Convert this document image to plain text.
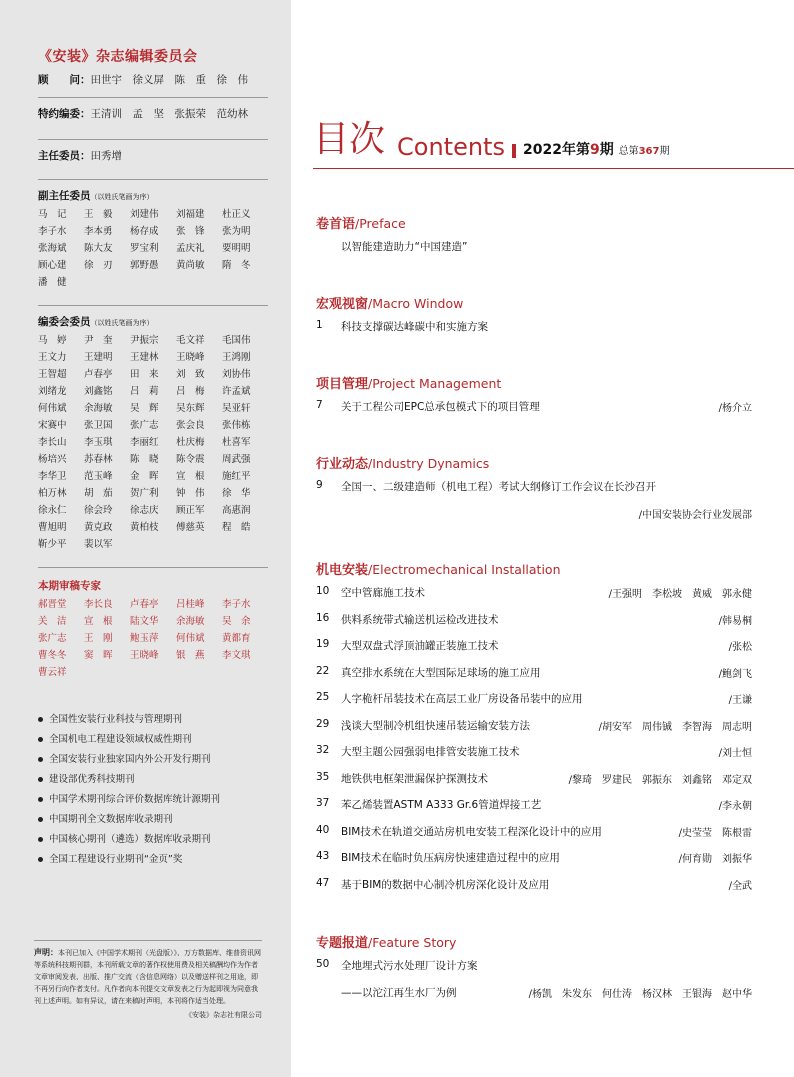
《安装》杂志编辑委员会
顾　　问： 田世宇　徐义屏　陈　重　徐　伟
特约编委： 王清训　孟　坚　张振荣　范幼林
主任委员： 田秀增
副主任委员（以姓氏笔画为序）
马　记	王　毅	刘建伟	刘福建	杜正义
李子水	李本勇	杨存成	张　锋	张为明
张海斌	陈大友	罗宝利	孟庆礼	要明明
顾心建	徐　刃	郭野愚	黄尚敏	隋　冬
潘　健
编委会委员（以姓氏笔画为序）
马　婷	尹　奎	尹振宗	毛文祥	毛国伟
王文力	王建明	王建林	王晓峰	王鸿刚
王智超	卢春亭	田　来	刘　致	刘协伟
刘绪龙	刘鑫铭	吕　莉	吕　梅	许孟斌
何伟斌	余海敏	吴　辉	吴东辉	吴亚轩
宋赛中	张卫国	张广志	张会良	张伟栋
李长山	李玉琪	李丽红	杜庆梅	杜喜军
杨培兴	苏春林	陈　晓	陈令震	周武强
李华卫	范玉峰	金　晖	宣　根	施红平
柏万林	胡　茄	贺广利	钟　伟	徐　华
徐永仁	徐会玲	徐志庆	顾正军	高惠润
曹旭明	黄克政	黄柏枝	傅慈英	程　皓
靳少平	裴以军
本期审稿专家
郝晋堂	李长良	卢春亭	吕桂峰	李子水
关　洁	宣　根	陆文华	余海敏	吴　余
张广志	王　刚	鲍玉萍	何伟斌	黄都育
曹冬冬	窦　晖	王晓峰	银　燕	李文琪
曹云祥
全国性安装行业科技与管理期刊
全国机电工程建设领域权威性期刊
全国安装行业独家国内外公开发行期刊
建设部优秀科技期刊
中国学术期刊综合评价数据库统计源期刊
中国期刊全文数据库收录期刊
中国核心期刊（遴选）数据库收录期刊
全国工程建设行业期刊“金页”奖
声明：本刊已加入《中国学术期刊（光盘版）》、万方数据库、维普资讯网等系统科技期刊群，本刊所载文章的著作权使用费及相关稿酬均作为作者文章审阅发表、出版、推广交流（含信息网络）以及赠送样刊之用途，即不再另行向作者支付。凡作者向本刊提交文章发表之行为起即视为同意我刊上述声明。如有异议，请在来稿时声明，本刊将作适当处理。
《安装》杂志社有限公司
目次 Contents 2022年第9期 总第367期
卷首语/Preface
以智能建造助力“中国建造”
宏观视窗/Macro Window
1 科技支撑碳达峰碳中和实施方案
项目管理/Project Management
7 关于工程公司EPC总承包模式下的项目管理	/杨介立
行业动态/Industry Dynamics
9 全国一、二级建造师（机电工程）考试大纲修订工作会议在长沙召开
/中国安装协会行业发展部
机电安装/Electromechanical Installation
10 空中管廊施工技术	/王强明　李松坡　黄威　郭永健
16 供料系统带式输送机运检改进技术	/韩易桐
19 大型双盘式浮顶油罐正装施工技术	/张松
22 真空排水系统在大型国际足球场的施工应用	/鲍剑飞
25 人字桅杆吊装技术在高层工业厂房设备吊装中的应用	/王谦
29 浅谈大型制冷机组快速吊装运输安装方法	/胡安军　周伟铖　李智海　周志明
32 大型主题公园强弱电排管安装施工技术	/刘士恒
35 地铁供电框架泄漏保护探测技术	/黎琦　罗建民　郭振东　刘鑫铭　邓定双
37 苯乙烯装置ASTM A333 Gr.6管道焊接工艺	/李永朝
40 BIM技术在轨道交通站房机电安装工程深化设计中的应用	/史莹莹　陈根雷
43 BIM技术在临时负压病房快速建造过程中的应用	/何育勋　刘振华
47 基于BIM的数据中心制冷机房深化设计及应用	/全武
专题报道/Feature Story
50 全地埋式污水处理厂设计方案
——以沱江再生水厂为例	/杨凯　朱发东　何仕涛　杨汉林　王银海　赵中华
